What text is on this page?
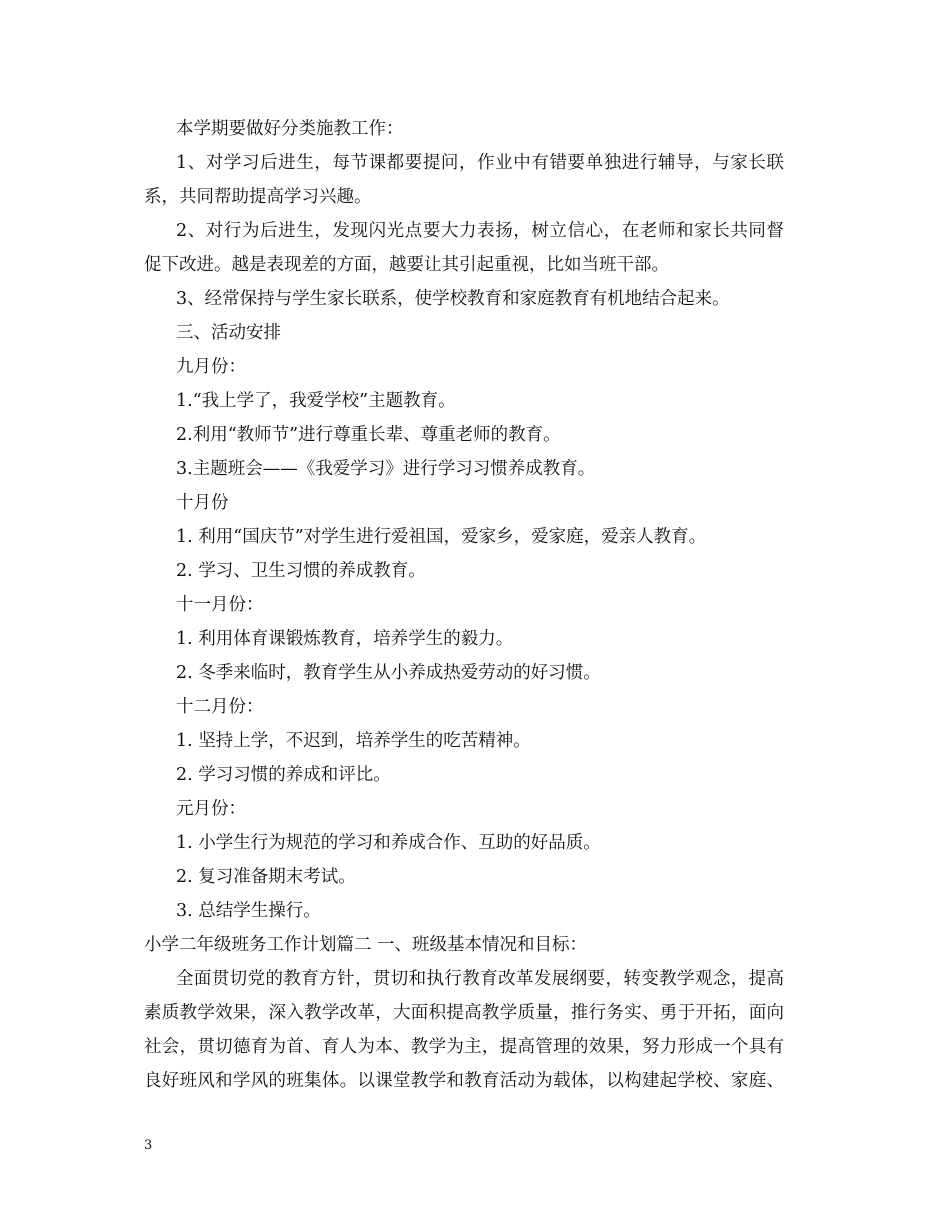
本学期要做好分类施教工作：
1、对学习后进生，每节课都要提问，作业中有错要单独进行辅导，与家长联
系，共同帮助提高学习兴趣。
2、对行为后进生，发现闪光点要大力表扬，树立信心，在老师和家长共同督
促下改进。越是表现差的方面，越要让其引起重视，比如当班干部。
3、经常保持与学生家长联系，使学校教育和家庭教育有机地结合起来。
三、活动安排
九月份：
1.“我上学了，我爱学校”主题教育。
2.利用“教师节”进行尊重长辈、尊重老师的教育。
3.主题班会——《我爱学习》进行学习习惯养成教育。
十月份
1. 利用“国庆节”对学生进行爱祖国，爱家乡，爱家庭，爱亲人教育。
2. 学习、卫生习惯的养成教育。
十一月份：
1. 利用体育课锻炼教育，培养学生的毅力。
2. 冬季来临时，教育学生从小养成热爱劳动的好习惯。
十二月份：
1. 坚持上学，不迟到，培养学生的吃苦精神。
2. 学习习惯的养成和评比。
元月份：
1. 小学生行为规范的学习和养成合作、互助的好品质。
2. 复习准备期末考试。
3. 总结学生操行。
小学二年级班务工作计划篇二 一、班级基本情况和目标：
全面贯切党的教育方针，贯切和执行教育改革发展纲要，转变教学观念，提高
素质教学效果，深入教学改革，大面积提高教学质量，推行务实、勇于开拓，面向
社会，贯切德育为首、育人为本、教学为主，提高管理的效果，努力形成一个具有
良好班风和学风的班集体。以课堂教学和教育活动为载体，以构建起学校、家庭、
3
